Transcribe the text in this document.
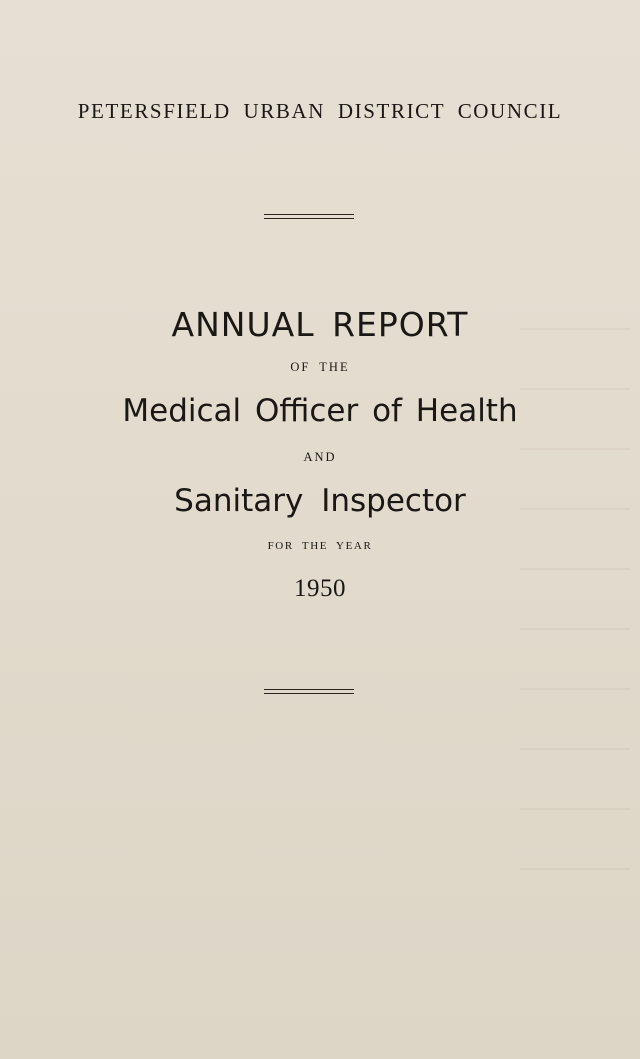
PETERSFIELD URBAN DISTRICT COUNCIL
ANNUAL REPORT
OF THE
Medical Officer of Health
AND
Sanitary Inspector
FOR THE YEAR
1950
